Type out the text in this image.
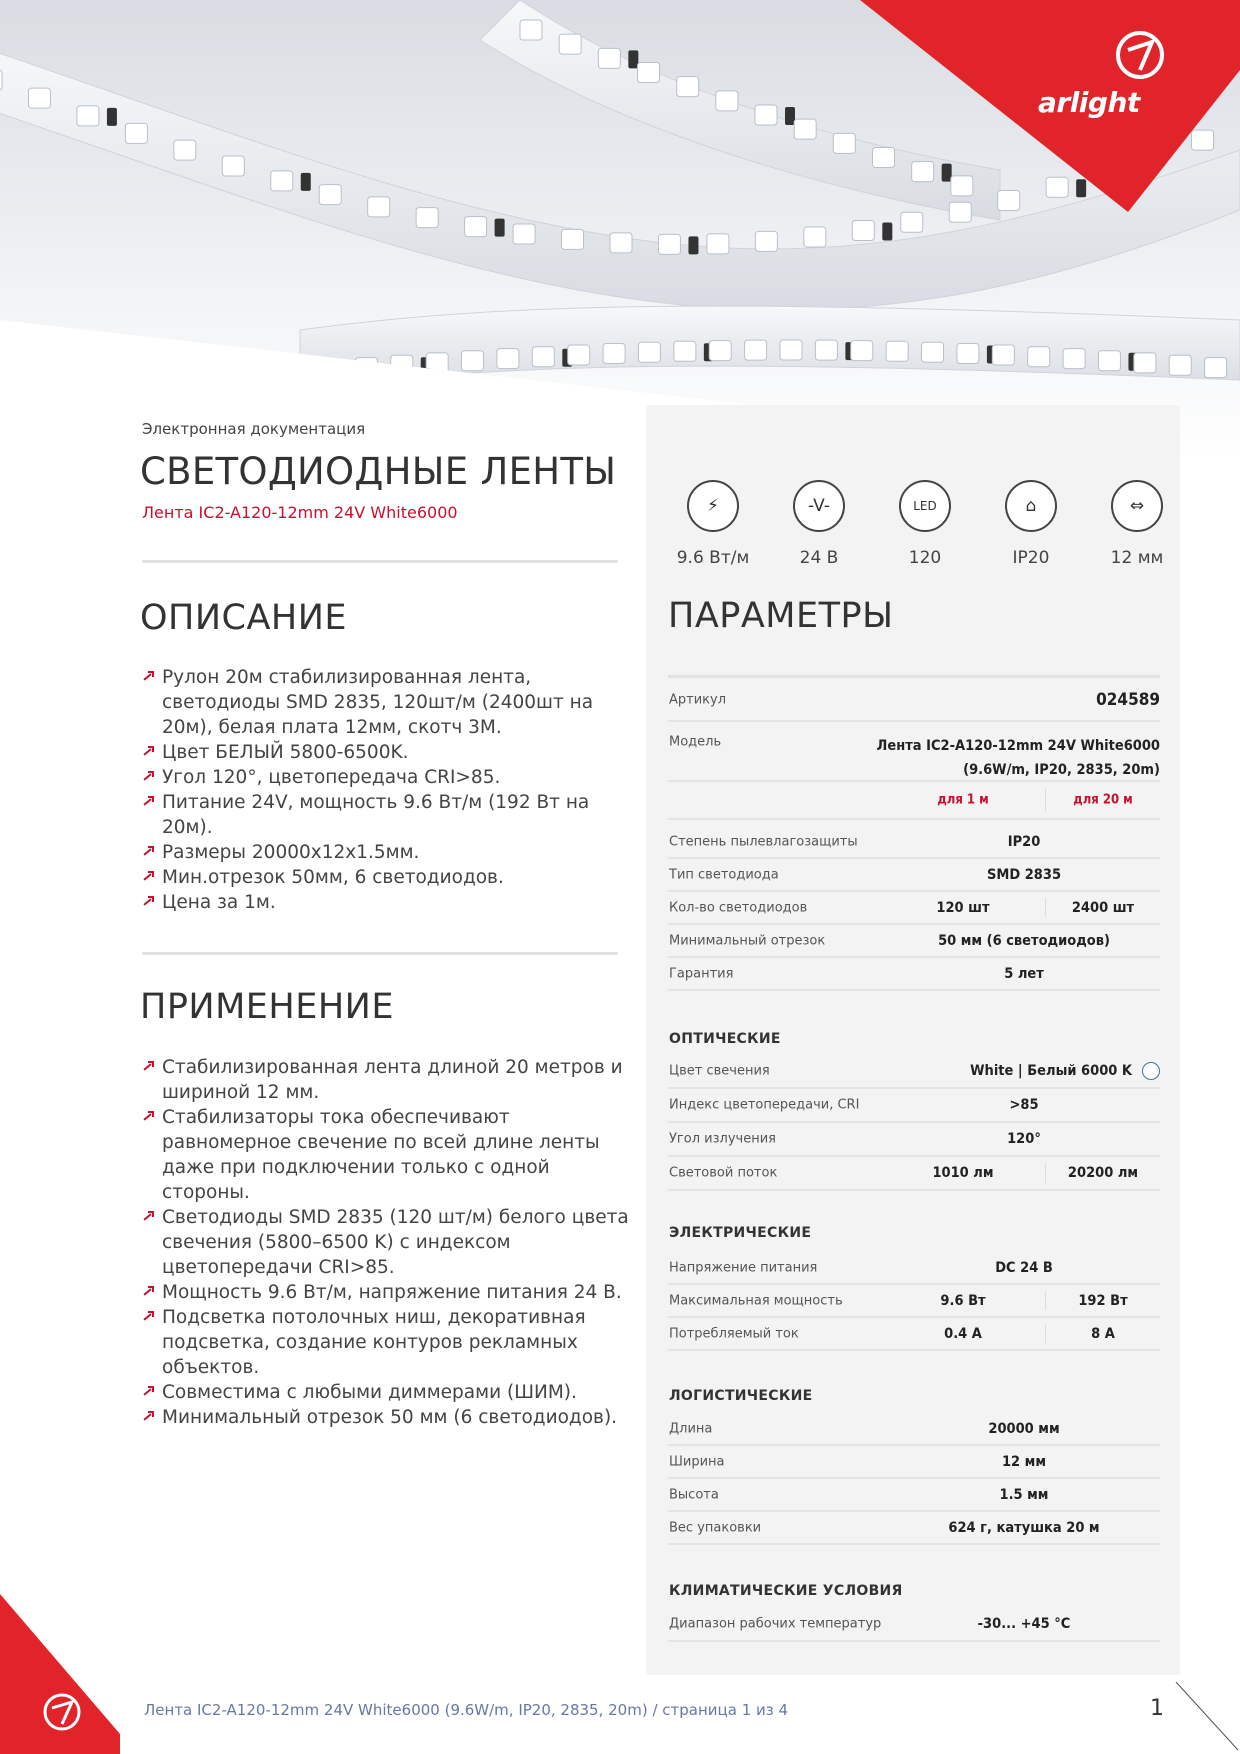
arlight
Электронная документация
СВЕТОДИОДНЫЕ ЛЕНТЫ
Лента IC2-A120-12mm 24V White6000
ОПИСАНИЕ
Рулон 20м стабилизированная лента, светодиоды SMD 2835, 120шт/м (2400шт на 20м), белая плата 12мм, скотч 3М.
Цвет БЕЛЫЙ 5800-6500K.
Угол 120°, цветопередача CRI>85.
Питание 24V, мощность 9.6 Вт/м (192 Вт на 20м).
Размеры 20000x12x1.5мм.
Мин.отрезок 50мм, 6 светодиодов.
Цена за 1м.
ПРИМЕНЕНИЕ
Стабилизированная лента длиной 20 метров и шириной 12 мм.
Стабилизаторы тока обеспечивают равномерное свечение по всей длине ленты даже при подключении только с одной стороны.
Светодиоды SMD 2835 (120 шт/м) белого цвета свечения (5800–6500 K) с индексом цветопередачи CRI>85.
Мощность 9.6 Вт/м, напряжение питания 24 В.
Подсветка потолочных ниш, декоративная подсветка, создание контуров рекламных объектов.
Совместима с любыми диммерами (ШИМ).
Минимальный отрезок 50 мм (6 светодиодов).
⚡
9.6 Вт/м
-V-
24 В
LED
120
⌂
IP20
⇔
12 мм
ПАРАМЕТРЫ
Артикул	024589
Модель	Лента IC2-A120-12mm 24V White6000
(9.6W/m, IP20, 2835, 20m)
для 1 м	для 20 м
Степень пылевлагозащиты	IP20
Тип светодиода	SMD 2835
Кол-во светодиодов	120 шт	2400 шт
Минимальный отрезок	50 мм (6 светодиодов)
Гарантия	5 лет
ОПТИЧЕСКИЕ
Цвет свечения	White | Белый 6000 K
Индекс цветопередачи, CRI	>85
Угол излучения	120°
Световой поток	1010 лм	20200 лм
ЭЛЕКТРИЧЕСКИЕ
Напряжение питания	DC 24 В
Максимальная мощность	9.6 Вт	192 Вт
Потребляемый ток	0.4 А	8 А
ЛОГИСТИЧЕСКИЕ
Длина	20000 мм
Ширина	12 мм
Высота	1.5 мм
Вес упаковки	624 г, катушка 20 м
КЛИМАТИЧЕСКИЕ УСЛОВИЯ
Диапазон рабочих температур	-30... +45 °С
Лента IC2-A120-12mm 24V White6000 (9.6W/m, IP20, 2835, 20m) / страница 1 из 4	1
